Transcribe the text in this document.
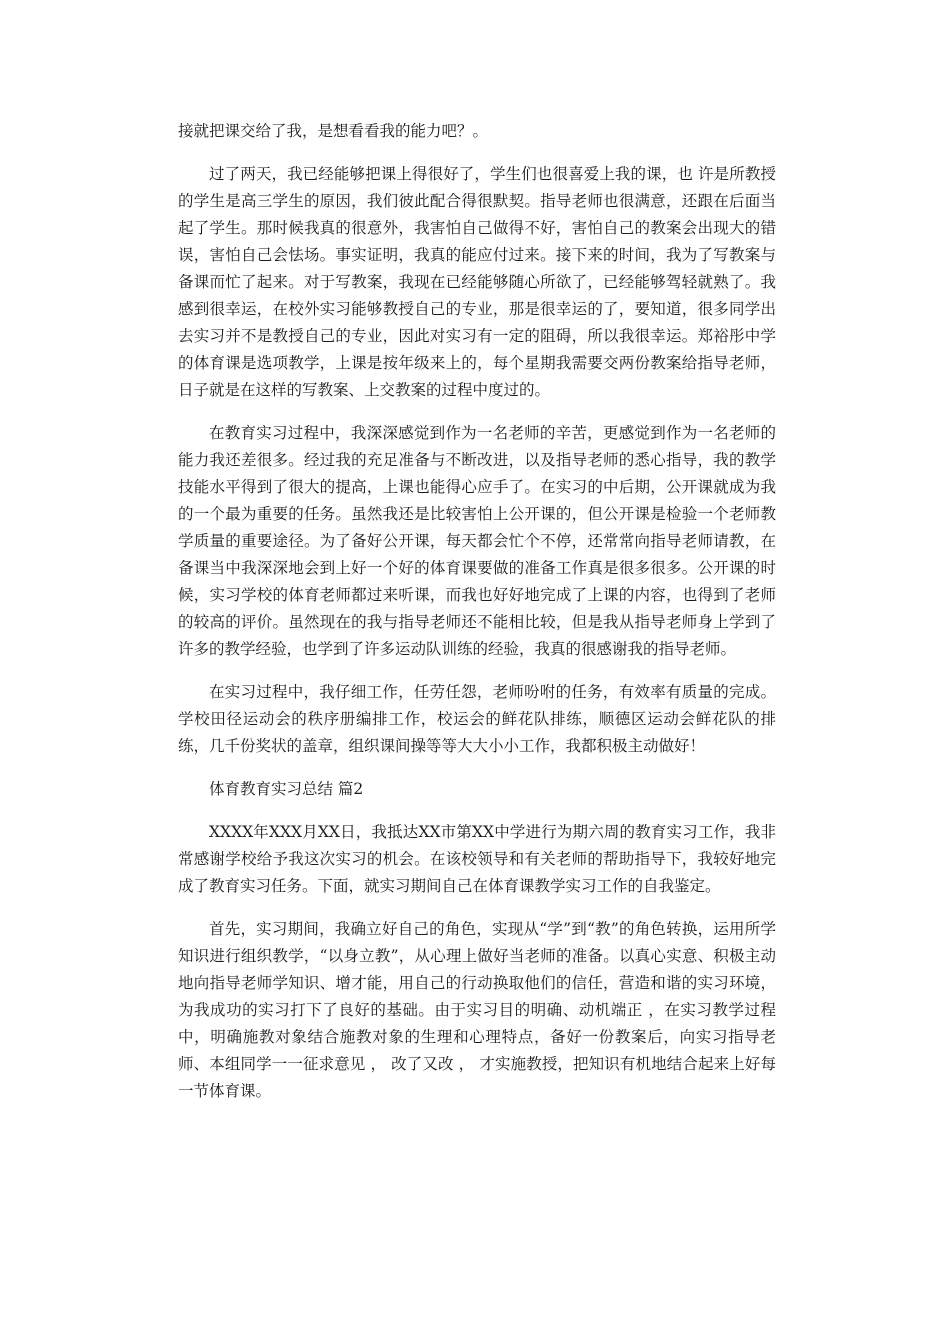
接就把课交给了我，是想看看我的能力吧？。

过了两天，我已经能够把课上得很好了，学生们也很喜爱上我的课，也 许是所教授的学生是高三学生的原因，我们彼此配合得很默契。指导老师也很满意，还跟在后面当起了学生。那时候我真的很意外，我害怕自己做得不好，害怕自己的教案会出现大的错误，害怕自己会怯场。事实证明，我真的能应付过来。接下来的时间，我为了写教案与备课而忙了起来。对于写教案，我现在已经能够随心所欲了，已经能够驾轻就熟了。我感到很幸运，在校外实习能够教授自己的专业，那是很幸运的了，要知道，很多同学出去实习并不是教授自己的专业，因此对实习有一定的阻碍，所以我很幸运。郑裕彤中学的体育课是选项教学，上课是按年级来上的，每个星期我需要交两份教案给指导老师，日子就是在这样的写教案、上交教案的过程中度过的。

在教育实习过程中，我深深感觉到作为一名老师的辛苦，更感觉到作为一名老师的能力我还差很多。经过我的充足准备与不断改进，以及指导老师的悉心指导，我的教学技能水平得到了很大的提高，上课也能得心应手了。在实习的中后期，公开课就成为我的一个最为重要的任务。虽然我还是比较害怕上公开课的，但公开课是检验一个老师教学质量的重要途径。为了备好公开课，每天都会忙个不停，还常常向指导老师请教，在备课当中我深深地会到上好一个好的体育课要做的准备工作真是很多很多。公开课的时候，实习学校的体育老师都过来听课，而我也好好地完成了上课的内容，也得到了老师的较高的评价。虽然现在的我与指导老师还不能相比较，但是我从指导老师身上学到了许多的教学经验，也学到了许多运动队训练的经验，我真的很感谢我的指导老师。

在实习过程中，我仔细工作，任劳任怨，老师吩咐的任务，有效率有质量的完成。学校田径运动会的秩序册编排工作，校运会的鲜花队排练，顺德区运动会鲜花队的排练，几千份奖状的盖章，组织课间操等等大大小小工作，我都积极主动做好！

体育教育实习总结 篇2

XXXX年XXX月XX日，我抵达XX市第XX中学进行为期六周的教育实习工作，我非常感谢学校给予我这次实习的机会。在该校领导和有关老师的帮助指导下，我较好地完成了教育实习任务。下面，就实习期间自己在体育课教学实习工作的自我鉴定。

首先，实习期间，我确立好自己的角色，实现从“学”到“教”的角色转换，运用所学知识进行组织教学，“以身立教”，从心理上做好当老师的准备。以真心实意、积极主动地向指导老师学知识、增才能，用自己的行动换取他们的信任，营造和谐的实习环境，为我成功的实习打下了良好的基础。由于实习目的明确、动机端正 ，在实习教学过程中，明确施教对象结合施教对象的生理和心理特点，备好一份教案后，向实习指导老师、本组同学一一征求意见 ， 改了又改 ， 才实施教授，把知识有机地结合起来上好每一节体育课。
